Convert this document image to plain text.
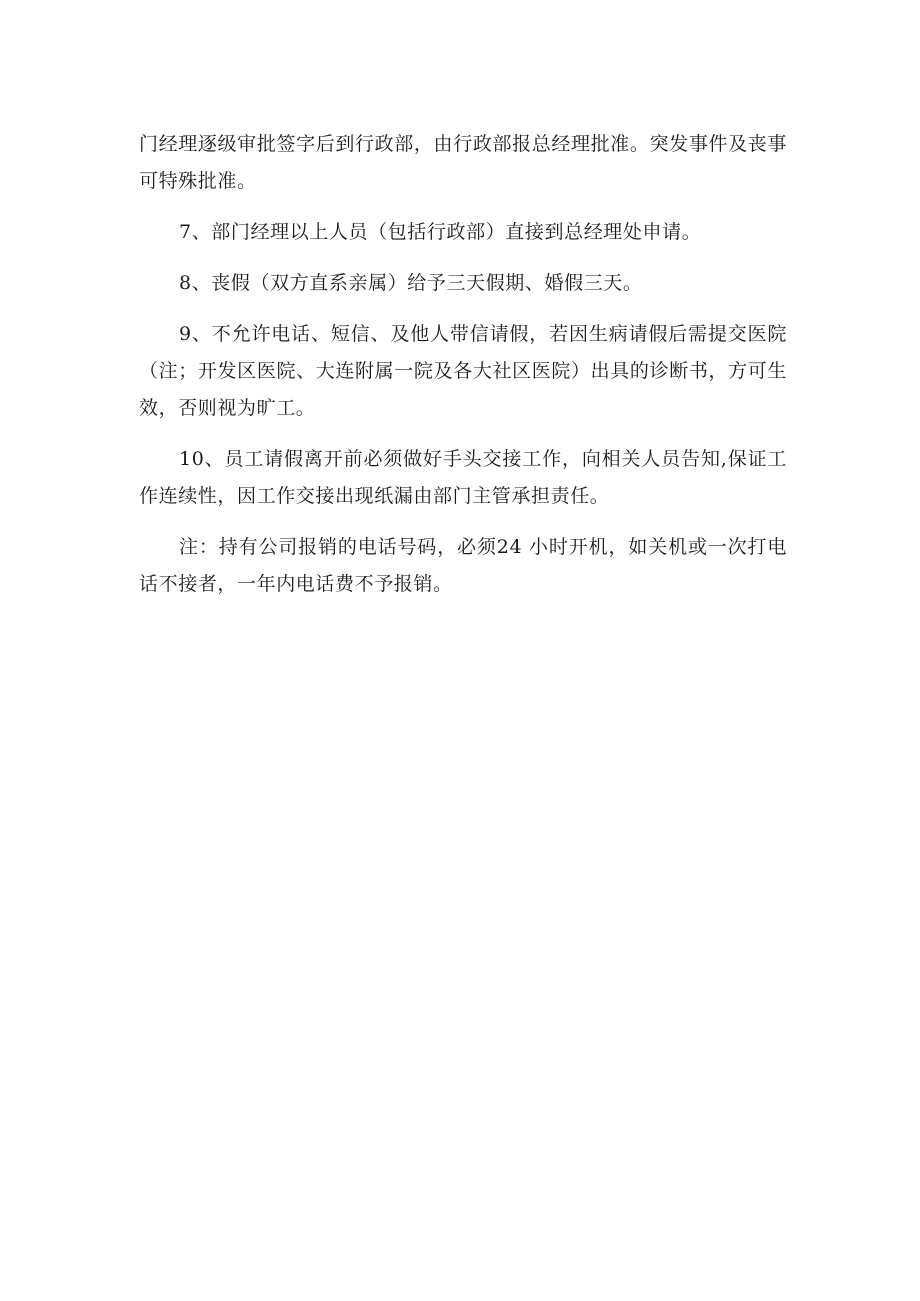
门经理逐级审批签字后到行政部，由行政部报总经理批准。突发事件及丧事可特殊批准。

7、部门经理以上人员（包括行政部）直接到总经理处申请。

8、丧假（双方直系亲属）给予三天假期、婚假三天。

9、不允许电话、短信、及他人带信请假，若因生病请假后需提交医院（注；开发区医院、大连附属一院及各大社区医院）出具的诊断书，方可生效，否则视为旷工。

10、员工请假离开前必须做好手头交接工作，向相关人员告知,保证工作连续性，因工作交接出现纸漏由部门主管承担责任。

注：持有公司报销的电话号码，必须24 小时开机，如关机或一次打电话不接者，一年内电话费不予报销。
